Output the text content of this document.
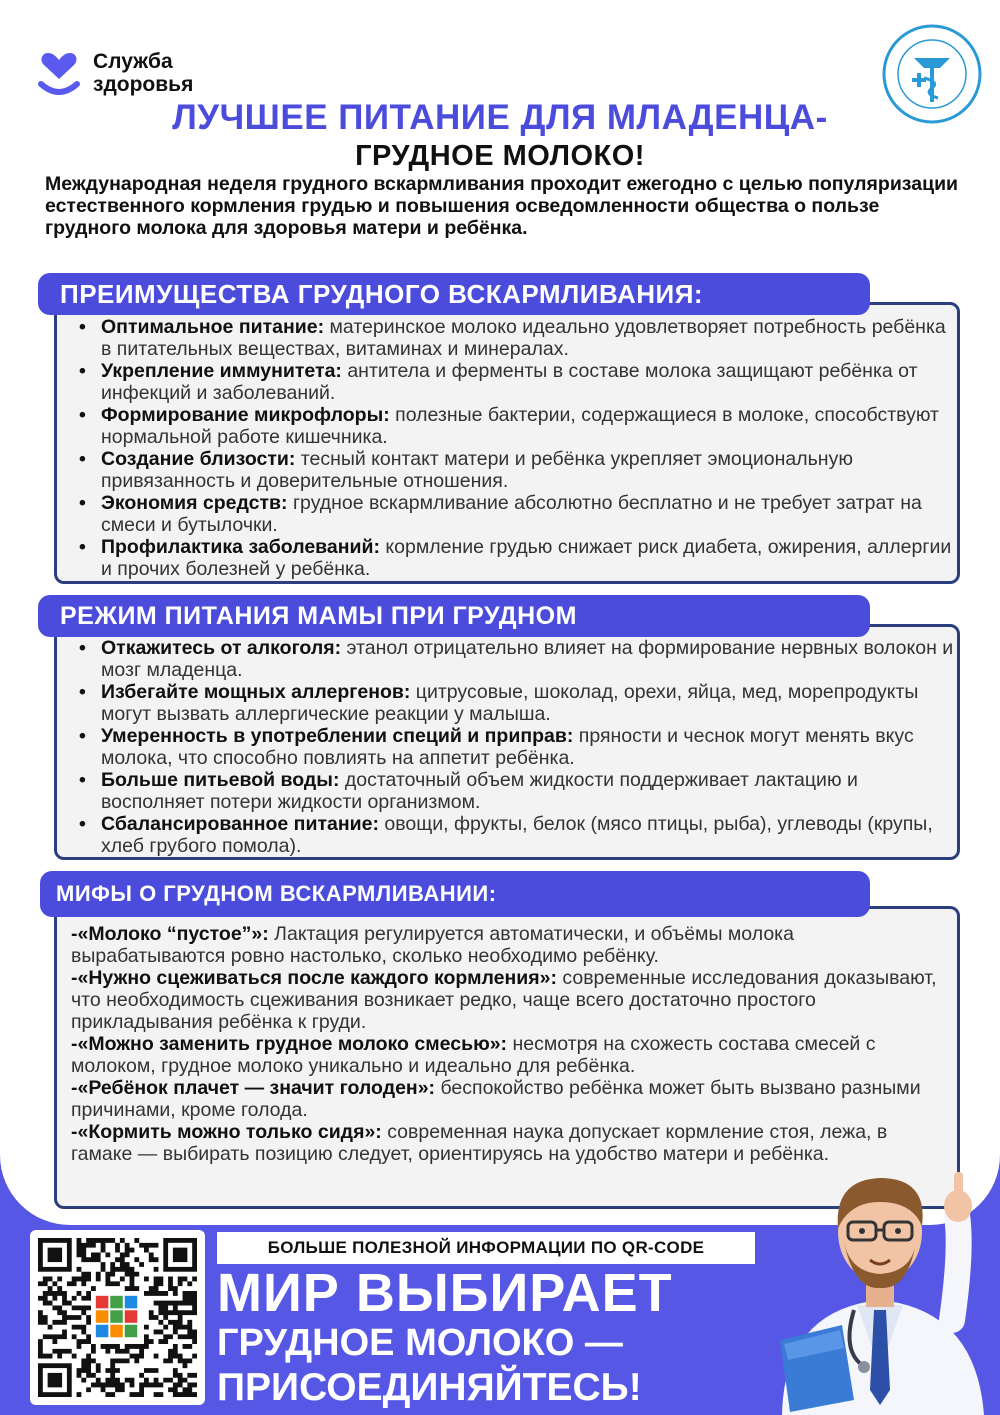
Служба
здоровья
ЛУЧШЕЕ ПИТАНИЕ ДЛЯ МЛАДЕНЦА-
ГРУДНОЕ МОЛОКО!

Международная неделя грудного вскармливания проходит ежегодно с целью популяризации естественного кормления грудью и повышения осведомленности общества о пользе грудного молока для здоровья матери и ребёнка.

ПРЕИМУЩЕСТВА ГРУДНОГО ВСКАРМЛИВАНИЯ:
• Оптимальное питание: материнское молоко идеально удовлетворяет потребность ребёнка в питательных веществах, витаминах и минералах.
• Укрепление иммунитета: антитела и ферменты в составе молока защищают ребёнка от инфекций и заболеваний.
• Формирование микрофлоры: полезные бактерии, содержащиеся в молоке, способствуют нормальной работе кишечника.
• Создание близости: тесный контакт матери и ребёнка укрепляет эмоциональную привязанность и доверительные отношения.
• Экономия средств: грудное вскармливание абсолютно бесплатно и не требует затрат на смеси и бутылочки.
• Профилактика заболеваний: кормление грудью снижает риск диабета, ожирения, аллергии и прочих болезней у ребёнка.
РЕЖИМ ПИТАНИЯ МАМЫ ПРИ ГРУДНОМ
• Откажитесь от алкоголя: этанол отрицательно влияет на формирование нервных волокон и мозг младенца.
• Избегайте мощных аллергенов: цитрусовые, шоколад, орехи, яйца, мед, морепродукты могут вызвать аллергические реакции у малыша.
• Умеренность в употреблении специй и приправ: пряности и чеснок могут менять вкус молока, что способно повлиять на аппетит ребёнка.
• Больше питьевой воды: достаточный объем жидкости поддерживает лактацию и восполняет потери жидкости организмом.
• Сбалансированное питание: овощи, фрукты, белок (мясо птицы, рыба), углеводы (крупы, хлеб грубого помола).
МИФЫ О ГРУДНОМ ВСКАРМЛИВАНИИ:
-«Молоко “пустое”»: Лактация регулируется автоматически, и объёмы молока вырабатываются ровно настолько, сколько необходимо ребёнку.
-«Нужно сцеживаться после каждого кормления»: современные исследования доказывают, что необходимость сцеживания возникает редко, чаще всего достаточно простого прикладывания ребёнка к груди.
-«Можно заменить грудное молоко смесью»: несмотря на схожесть состава смесей с молоком, грудное молоко уникально и идеально для ребёнка.
-«Ребёнок плачет — значит голоден»: беспокойство ребёнка может быть вызвано разными причинами, кроме голода.
-«Кормить можно только сидя»: современная наука допускает кормление стоя, лежа, в гамаке — выбирать позицию следует, ориентируясь на удобство матери и ребёнка.
БОЛЬШЕ ПОЛЕЗНОЙ ИНФОРМАЦИИ ПО QR-CODE
МИР ВЫБИРАЕТ
ГРУДНОЕ МОЛОКО —
ПРИСОЕДИНЯЙТЕСЬ!
